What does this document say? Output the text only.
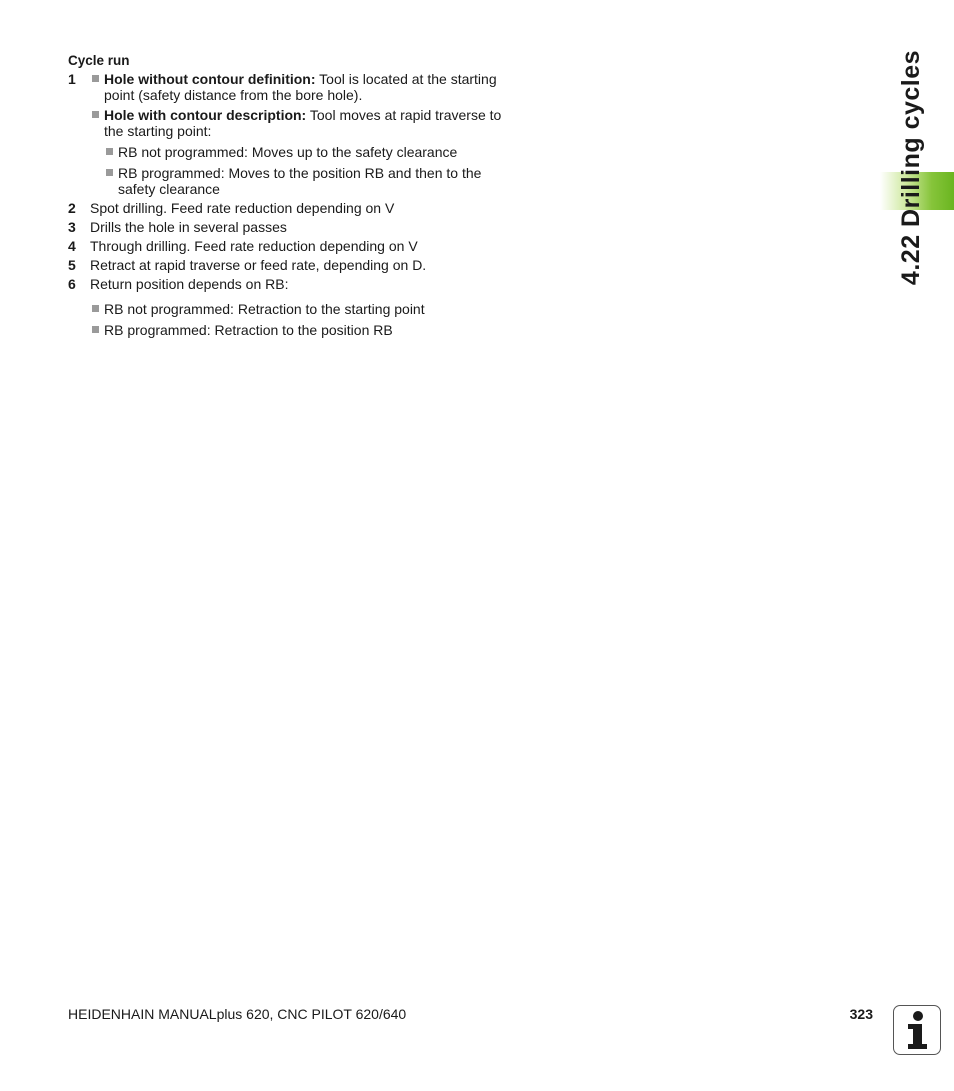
4.22 Drilling cycles
Cycle run
1	Hole without contour definition: Tool is located at the starting point (safety distance from the bore hole).
Hole with contour description: Tool moves at rapid traverse to the starting point:
RB not programmed: Moves up to the safety clearance
RB programmed: Moves to the position RB and then to the safety clearance
2 Spot drilling. Feed rate reduction depending on V
3 Drills the hole in several passes
4 Through drilling. Feed rate reduction depending on V
5 Retract at rapid traverse or feed rate, depending on D.
6 Return position depends on RB:
RB not programmed: Retraction to the starting point
RB programmed: Retraction to the position RB
HEIDENHAIN MANUALplus 620, CNC PILOT 620/640	323
